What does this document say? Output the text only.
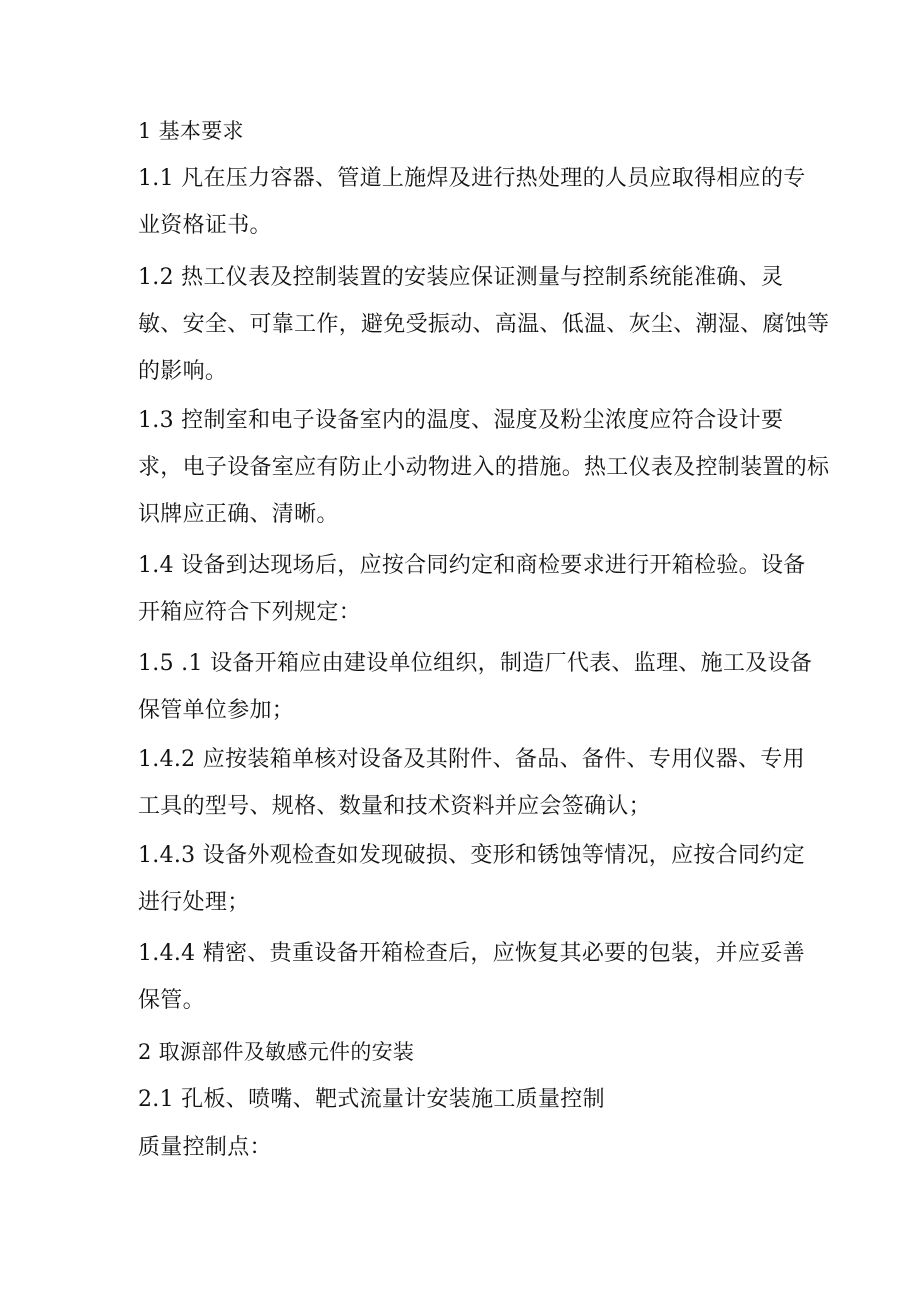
1 基本要求
1.1 凡在压力容器、管道上施焊及进行热处理的人员应取得相应的专
业资格证书。
1.2 热工仪表及控制装置的安装应保证测量与控制系统能准确、灵
敏、安全、可靠工作，避免受振动、高温、低温、灰尘、潮湿、腐蚀等
的影响。
1.3 控制室和电子设备室内的温度、湿度及粉尘浓度应符合设计要
求，电子设备室应有防止小动物进入的措施。热工仪表及控制装置的标
识牌应正确、清晰。
1.4 设备到达现场后，应按合同约定和商检要求进行开箱检验。设备
开箱应符合下列规定：
1.5 .1 设备开箱应由建设单位组织，制造厂代表、监理、施工及设备
保管单位参加；
1.4.2 应按装箱单核对设备及其附件、备品、备件、专用仪器、专用
工具的型号、规格、数量和技术资料并应会签确认；
1.4.3 设备外观检查如发现破损、变形和锈蚀等情况，应按合同约定
进行处理；
1.4.4 精密、贵重设备开箱检查后，应恢复其必要的包装，并应妥善
保管。
2 取源部件及敏感元件的安装
2.1 孔板、喷嘴、靶式流量计安装施工质量控制
质量控制点：
